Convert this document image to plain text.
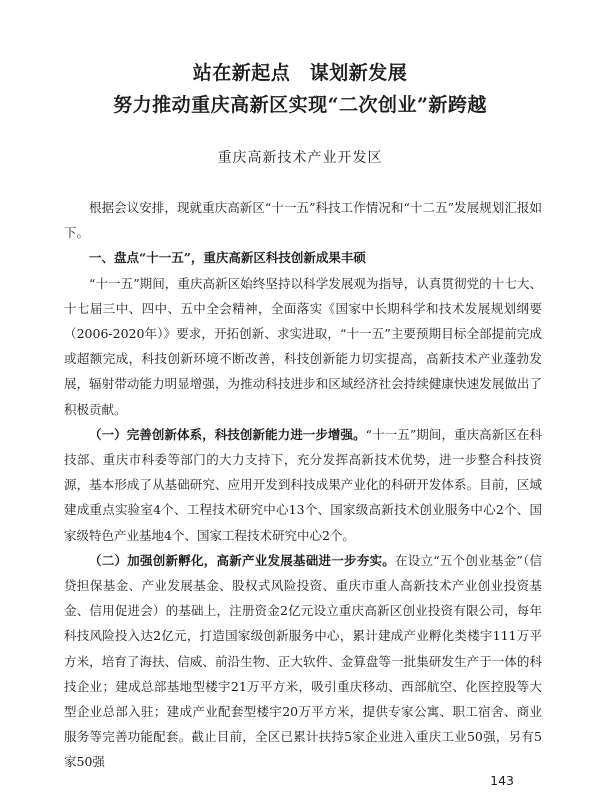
站在新起点　谋划新发展
努力推动重庆高新区实现“二次创业”新跨越
重庆高新技术产业开发区

根据会议安排，现就重庆高新区“十一五”科技工作情况和“十二五”发展规划汇报如下。

一、盘点“十一五”，重庆高新区科技创新成果丰硕

“十一五”期间，重庆高新区始终坚持以科学发展观为指导，认真贯彻党的十七大、十七届三中、四中、五中全会精神，全面落实《国家中长期科学和技术发展规划纲要（2006-2020年）》要求，开拓创新、求实进取，“十一五”主要预期目标全部提前完成或超额完成，科技创新环境不断改善，科技创新能力切实提高，高新技术产业蓬勃发展，辐射带动能力明显增强，为推动科技进步和区域经济社会持续健康快速发展做出了积极贡献。

（一）完善创新体系，科技创新能力进一步增强。“十一五”期间，重庆高新区在科技部、重庆市科委等部门的大力支持下，充分发挥高新技术优势，进一步整合科技资源，基本形成了从基础研究、应用开发到科技成果产业化的科研开发体系。目前，区域建成重点实验室4个、工程技术研究中心13个、国家级高新技术创业服务中心2个、国家级特色产业基地4个、国家工程技术研究中心2个。

（二）加强创新孵化，高新产业发展基础进一步夯实。在设立“五个创业基金”（信贷担保基金、产业发展基金、股权式风险投资、重庆市重人高新技术产业创业投资基金、信用促进会）的基础上，注册资金2亿元设立重庆高新区创业投资有限公司，每年科技风险投入达2亿元，打造国家级创新服务中心，累计建成产业孵化类楼宇111万平方米，培育了海扶、信威、前沿生物、正大软件、金算盘等一批集研发生产于一体的科技企业；建成总部基地型楼宇21万平方米，吸引重庆移动、西部航空、化医控股等大型企业总部入驻；建成产业配套型楼宇20万平方米，提供专家公寓、职工宿舍、商业服务等完善功能配套。截止目前，全区已累计扶持5家企业进入重庆工业50强，另有5家50强

143
